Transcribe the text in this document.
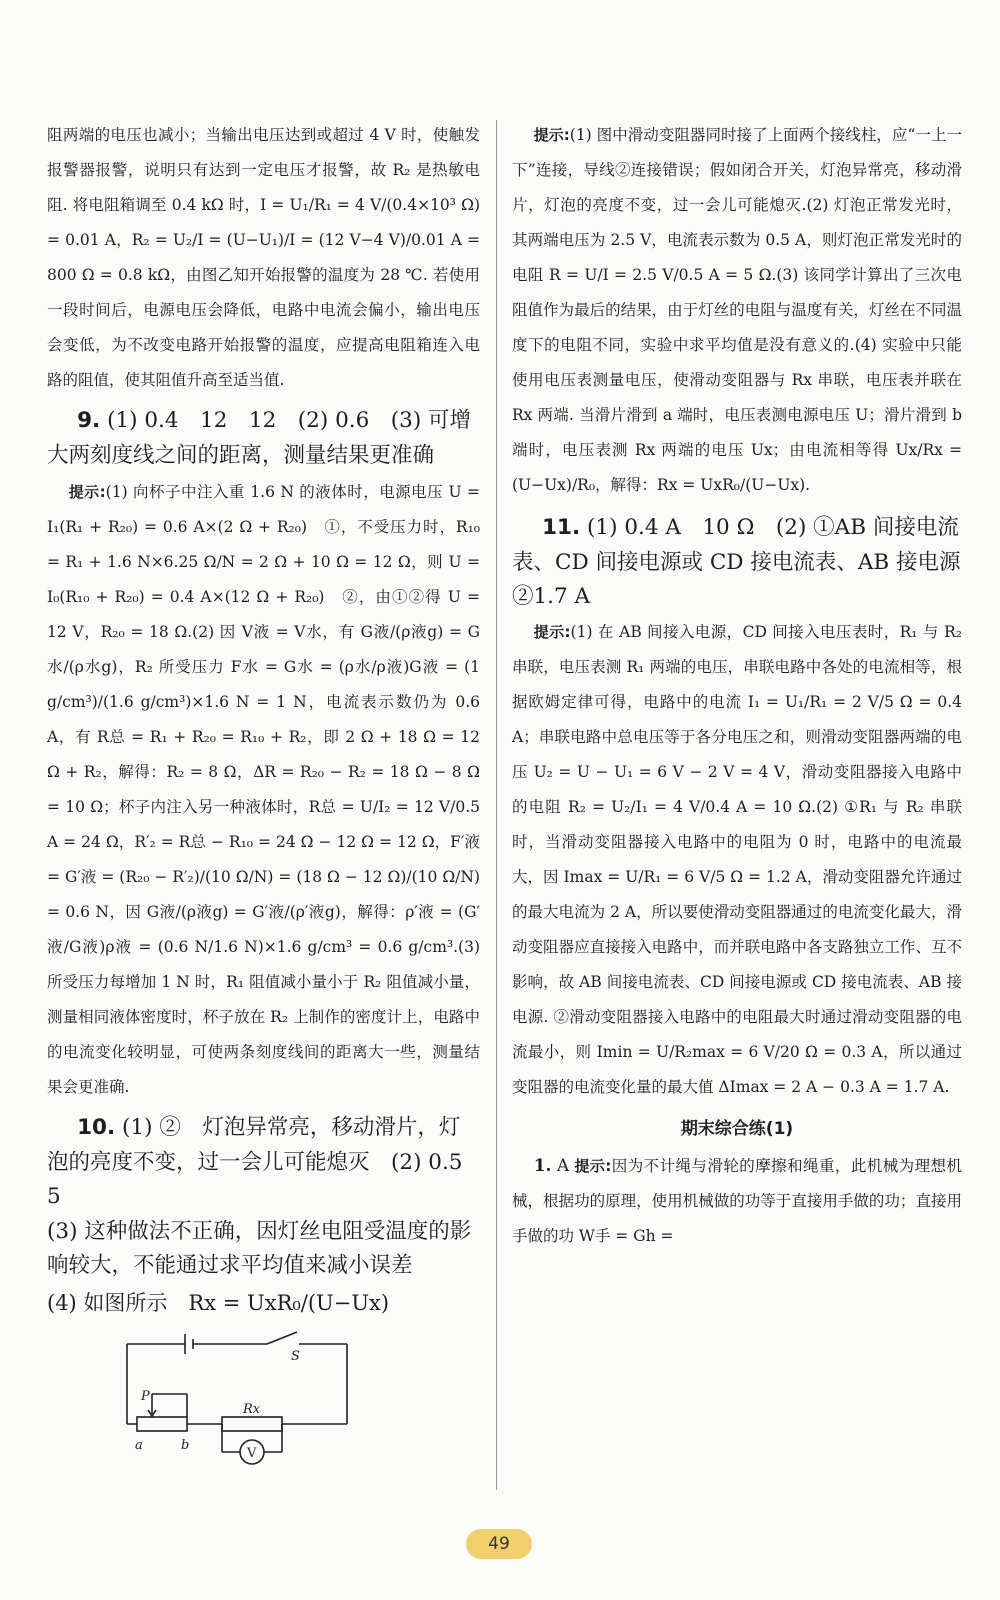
阻两端的电压也减小；当输出电压达到或超过 4 V 时，使触发报警器报警，说明只有达到一定电压才报警，故 R₂ 是热敏电阻. 将电阻箱调至 0.4 kΩ 时，I = U₁/R₁ = 4 V/(0.4×10³ Ω) = 0.01 A，R₂ = U₂/I = (U−U₁)/I = (12 V−4 V)/0.01 A = 800 Ω = 0.8 kΩ，由图乙知开始报警的温度为 28 ℃. 若使用一段时间后，电源电压会降低，电路中电流会偏小，输出电压会变低，为不改变电路开始报警的温度，应提高电阻箱连入电路的阻值，使其阻值升高至适当值.

9. (1) 0.4　12　12　(2) 0.6　(3) 可增大两刻度线之间的距离，测量结果更准确

提示:(1) 向杯子中注入重 1.6 N 的液体时，电源电压 U = I₁(R₁ + R₂₀) = 0.6 A×(2 Ω + R₂₀)　①，不受压力时，R₁₀ = R₁ + 1.6 N×6.25 Ω/N = 2 Ω + 10 Ω = 12 Ω，则 U = I₀(R₁₀ + R₂₀) = 0.4 A×(12 Ω + R₂₀)　②，由①②得 U = 12 V，R₂₀ = 18 Ω.(2) 因 V液 = V水，有 G液/(ρ液g) = G水/(ρ水g)，R₂ 所受压力 F水 = G水 = (ρ水/ρ液)G液 = (1 g/cm³)/(1.6 g/cm³)×1.6 N = 1 N，电流表示数仍为 0.6 A，有 R总 = R₁ + R₂₀ = R₁₀ + R₂，即 2 Ω + 18 Ω = 12 Ω + R₂，解得：R₂ = 8 Ω，ΔR = R₂₀ − R₂ = 18 Ω − 8 Ω = 10 Ω；杯子内注入另一种液体时，R总 = U/I₂ = 12 V/0.5 A = 24 Ω，R′₂ = R总 − R₁₀ = 24 Ω − 12 Ω = 12 Ω，F′液 = G′液 = (R₂₀ − R′₂)/(10 Ω/N) = (18 Ω − 12 Ω)/(10 Ω/N) = 0.6 N，因 G液/(ρ液g) = G′液/(ρ′液g)，解得：ρ′液 = (G′液/G液)ρ液 = (0.6 N/1.6 N)×1.6 g/cm³ = 0.6 g/cm³.(3) 所受压力每增加 1 N 时，R₁ 阻值减小量小于 R₂ 阻值减小量，测量相同液体密度时，杯子放在 R₂ 上制作的密度计上，电路中的电流变化较明显，可使两条刻度线间的距离大一些，测量结果会更准确.

10. (1) ②　灯泡异常亮，移动滑片，灯泡的亮度不变，过一会儿可能熄灭　(2) 0.5　5

(3) 这种做法不正确，因灯丝电阻受温度的影响较大，不能通过求平均值来减小误差

(4) 如图所示　Rx = UxR₀/(U−Ux)

S
P
Rx
a	b
V

提示:(1) 图中滑动变阻器同时接了上面两个接线柱，应“一上一下”连接，导线②连接错误；假如闭合开关，灯泡异常亮，移动滑片，灯泡的亮度不变，过一会儿可能熄灭.(2) 灯泡正常发光时，其两端电压为 2.5 V，电流表示数为 0.5 A，则灯泡正常发光时的电阻 R = U/I = 2.5 V/0.5 A = 5 Ω.(3) 该同学计算出了三次电阻值作为最后的结果，由于灯丝的电阻与温度有关，灯丝在不同温度下的电阻不同，实验中求平均值是没有意义的.(4) 实验中只能使用电压表测量电压，使滑动变阻器与 Rx 串联，电压表并联在 Rx 两端. 当滑片滑到 a 端时，电压表测电源电压 U；滑片滑到 b 端时，电压表测 Rx 两端的电压 Ux；由电流相等得 Ux/Rx = (U−Ux)/R₀，解得：Rx = UxR₀/(U−Ux).

11. (1) 0.4 A　10 Ω　(2) ①AB 间接电流表、CD 间接电源或 CD 接电流表、AB 接电源　②1.7 A

提示:(1) 在 AB 间接入电源，CD 间接入电压表时，R₁ 与 R₂ 串联，电压表测 R₁ 两端的电压，串联电路中各处的电流相等，根据欧姆定律可得，电路中的电流 I₁ = U₁/R₁ = 2 V/5 Ω = 0.4 A；串联电路中总电压等于各分电压之和，则滑动变阻器两端的电压 U₂ = U − U₁ = 6 V − 2 V = 4 V，滑动变阻器接入电路中的电阻 R₂ = U₂/I₁ = 4 V/0.4 A = 10 Ω.(2) ①R₁ 与 R₂ 串联时，当滑动变阻器接入电路中的电阻为 0 时，电路中的电流最大，因 Imax = U/R₁ = 6 V/5 Ω = 1.2 A，滑动变阻器允许通过的最大电流为 2 A，所以要使滑动变阻器通过的电流变化最大，滑动变阻器应直接接入电路中，而并联电路中各支路独立工作、互不影响，故 AB 间接电流表、CD 间接电源或 CD 接电流表、AB 接电源. ②滑动变阻器接入电路中的电阻最大时通过滑动变阻器的电流最小，则 Imin = U/R₂max = 6 V/20 Ω = 0.3 A，所以通过变阻器的电流变化量的最大值 ΔImax = 2 A − 0.3 A = 1.7 A.

期末综合练(1)

1. A 提示:因为不计绳与滑轮的摩擦和绳重，此机械为理想机械，根据功的原理，使用机械做的功等于直接用手做的功；直接用手做的功 W手 = Gh =

49
